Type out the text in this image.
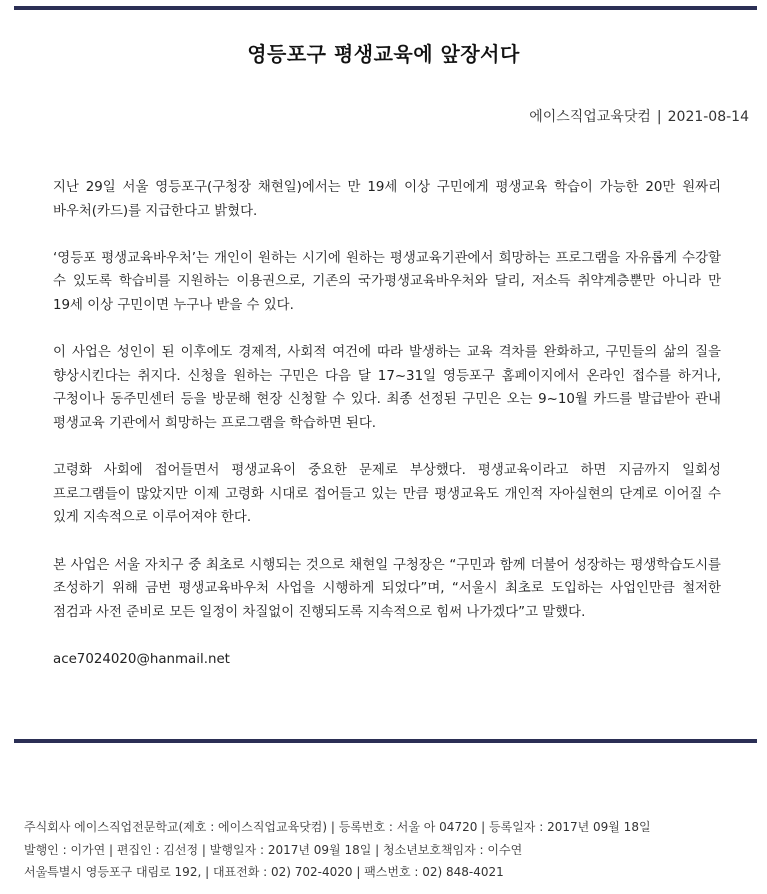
영등포구 평생교육에 앞장서다
에이스직업교육닷컴 | 2021-08-14

지난 29일 서울 영등포구(구청장 채현일)에서는 만 19세 이상 구민에게 평생교육 학습이 가능한 20만 원짜리 바우처(카드)를 지급한다고 밝혔다.

‘영등포 평생교육바우처’는 개인이 원하는 시기에 원하는 평생교육기관에서 희망하는 프로그램을 자유롭게 수강할 수 있도록 학습비를 지원하는 이용권으로, 기존의 국가평생교육바우처와 달리, 저소득 취약계층뿐만 아니라 만 19세 이상 구민이면 누구나 받을 수 있다.

이 사업은 성인이 된 이후에도 경제적, 사회적 여건에 따라 발생하는 교육 격차를 완화하고, 구민들의 삶의 질을 향상시킨다는 취지다. 신청을 원하는 구민은 다음 달 17~31일 영등포구 홈페이지에서 온라인 접수를 하거나, 구청이나 동주민센터 등을 방문해 현장 신청할 수 있다. 최종 선정된 구민은 오는 9~10월 카드를 발급받아 관내 평생교육 기관에서 희망하는 프로그램을 학습하면 된다.

고령화 사회에 접어들면서 평생교육이 중요한 문제로 부상했다. 평생교육이라고 하면 지금까지 일회성 프로그램들이 많았지만 이제 고령화 시대로 접어들고 있는 만큼 평생교육도 개인적 자아실현의 단계로 이어질 수 있게 지속적으로 이루어져야 한다.

본 사업은 서울 자치구 중 최초로 시행되는 것으로 채현일 구청장은 “구민과 함께 더불어 성장하는 평생학습도시를 조성하기 위해 금번 평생교육바우처 사업을 시행하게 되었다”며, “서울시 최초로 도입하는 사업인만큼 철저한 점검과 사전 준비로 모든 일정이 차질없이 진행되도록 지속적으로 힘써 나가겠다”고 말했다.

ace7024020@hanmail.net
주식회사 에이스직업전문학교(제호 : 에이스직업교육닷컴) | 등록번호 : 서울 아 04720 | 등록일자 : 2017년 09월 18일
발행인 : 이가연 | 편집인 : 김선정 | 발행일자 : 2017년 09월 18일 | 청소년보호책임자 : 이수연
서울특별시 영등포구 대림로 192, | 대표전화 : 02) 702-4020 | 팩스번호 : 02) 848-4021
